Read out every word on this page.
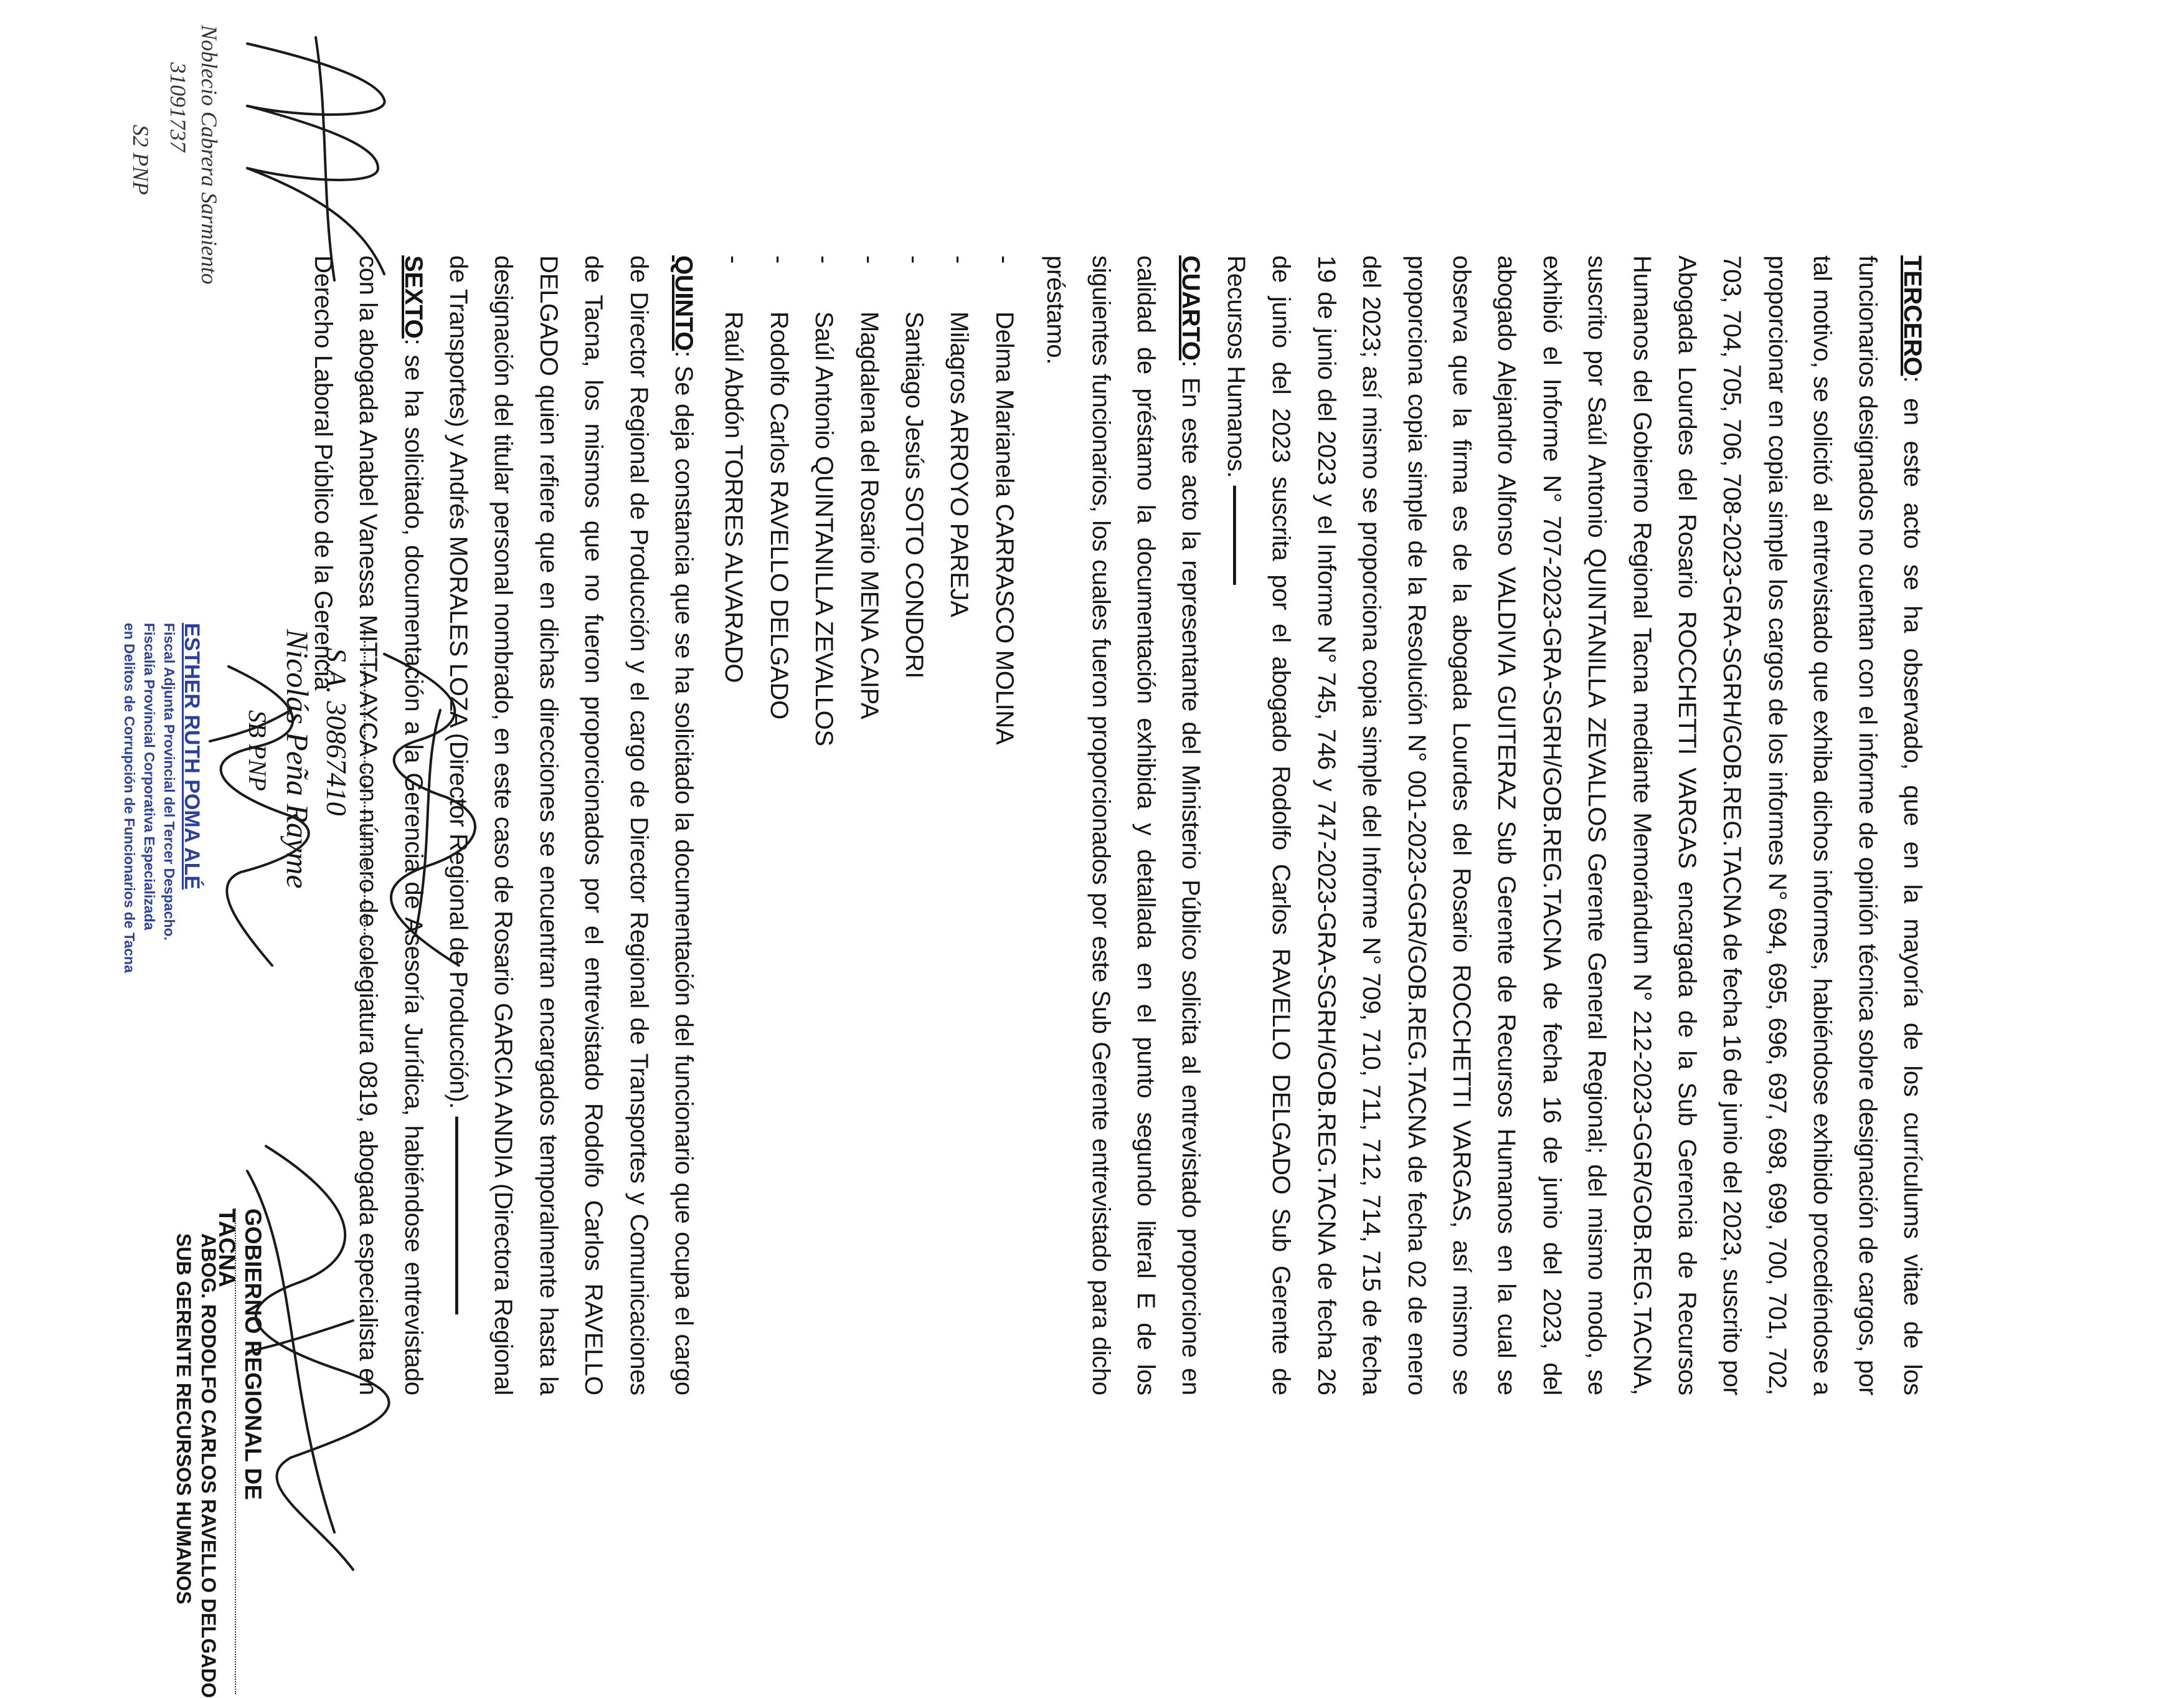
TERCERO: en este acto se ha observado, que en la mayoría de los currículums vitae de los funcionarios designados no cuentan con el informe de opinión técnica sobre designación de cargos, por tal motivo, se solicitó al entrevistado que exhiba dichos informes, habiéndose exhibido procediéndose a proporcionar en copia simple los cargos de los informes N° 694, 695, 696, 697, 698, 699, 700, 701, 702, 703, 704, 705, 706, 708-2023-GRA-SGRH/GOB.REG.TACNA de fecha 16 de junio del 2023, suscrito por Abogada Lourdes del Rosario ROCCHETTI VARGAS encargada de la Sub Gerencia de Recursos Humanos del Gobierno Regional Tacna mediante Memorándum N° 212-2023-GGR/GOB.REG.TACNA, suscrito por Saúl Antonio QUINTANILLA ZEVALLOS Gerente General Regional; del mismo modo, se exhibió el Informe N° 707-2023-GRA-SGRH/GOB.REG.TACNA de fecha 16 de junio del 2023, del abogado Alejandro Alfonso VALDIVIA GUITERAZ Sub Gerente de Recursos Humanos en la cual se observa que la firma es de la abogada Lourdes del Rosario ROCCHETTI VARGAS, así mismo se proporciona copia simple de la Resolución N° 001-2023-GGR/GOB.REG.TACNA de fecha 02 de enero del 2023; así mismo se proporciona copia simple del Informe N° 709, 710, 711, 712, 714, 715 de fecha 19 de junio del 2023 y el Informe N° 745, 746 y 747-2023-GRA-SGRH/GOB.REG.TACNA de fecha 26 de junio del 2023 suscrita por el abogado Rodolfo Carlos RAVELLO DELGADO Sub Gerente de Recursos Humanos. -----------------

CUARTO: En este acto la representante del Ministerio Público solicita al entrevistado proporcione en calidad de préstamo la documentación exhibida y detallada en el punto segundo literal E de los siguientes funcionarios, los cuales fueron proporcionados por este Sub Gerente entrevistado para dicho préstamo.

-Delma Marianela CARRASCO MOLINA
-Milagros ARROYO PAREJA
-Santiago Jesús SOTO CONDORI
-Magdalena del Rosario MENA CAIPA
-Saúl Antonio QUINTANILLA ZEVALLOS
-Rodolfo Carlos RAVELLO DELGADO
-Raúl Abdón TORRES ALVARADO

QUINTO: Se deja constancia que se ha solicitado la documentación del funcionario que ocupa el cargo de Director Regional de Producción y el cargo de Director Regional de Transportes y Comunicaciones de Tacna, los mismos que no fueron proporcionados por el entrevistado Rodolfo Carlos RAVELLO DELGADO quien refiere que en dichas direcciones se encuentran encargados temporalmente hasta la designación del titular personal nombrado, en este caso de Rosario GARCIA ANDIA (Directora Regional de Transportes) y Andrés MORALES LOZA (Director Regional de Producción). ----------------------------------

SEXTO: se ha solicitado, documentación a la Gerencia de Asesoría Jurídica, habiéndose entrevistado con la abogada Anabel Vanessa MITTA AYCA con número de colegiatura 0819, abogada especialista en Derecho Laboral Público de la Gerencia

GOBIERNO REGIONAL DE TACNA
ABOG. RODOLFO CARLOS RAVELLO DELGADO
SUB GERENTE RECURSOS HUMANOS
S.A. 30867410
Nicolás Peña Rayme
SB PNP
ESTHER RUTH POMA ALÉ
Fiscal Adjunta Provincial del Tercer Despacho.
Fiscalía Provincial Corporativa Especializada
en Delitos de Corrupción de Funcionarios de Tacna
Noblecio Cabrera Sarmiento
31091737
S2 PNP
